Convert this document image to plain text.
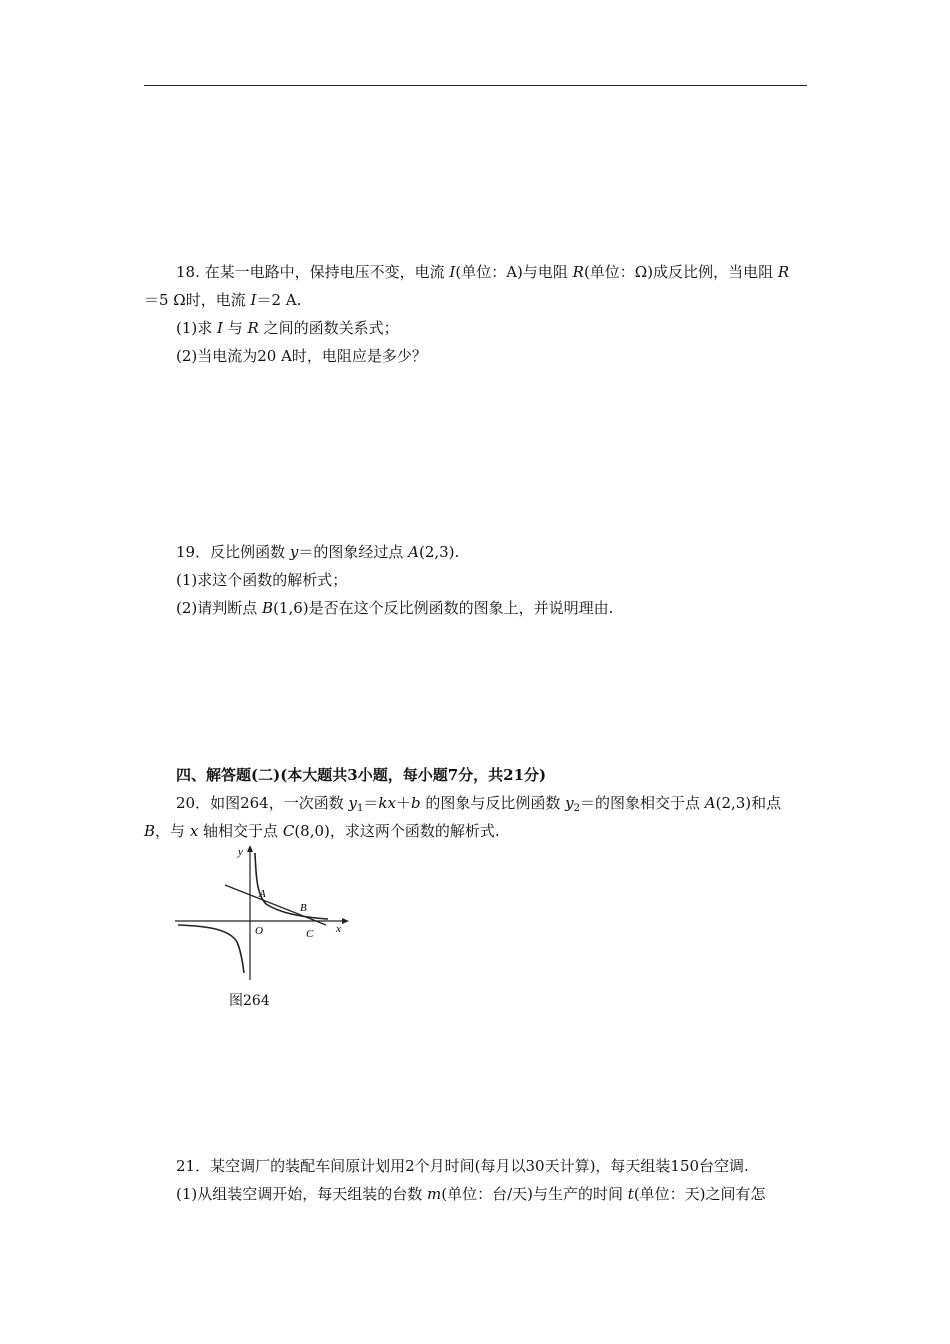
18. 在某一电路中，保持电压不变，电流 I(单位：A)与电阻 R(单位：Ω)成反比例，当电阻 R
＝5 Ω时，电流 I＝2 A.
(1)求 I 与 R 之间的函数关系式；
(2)当电流为20 A时，电阻应是多少？
19．反比例函数 y＝的图象经过点 A(2,3).
(1)求这个函数的解析式；
(2)请判断点 B(1,6)是否在这个反比例函数的图象上，并说明理由.
四、解答题(二)(本大题共3小题，每小题7分，共21分)
20．如图264，一次函数 $y_1=kx+b$ 的图象与反比例函数 $y_2=$的图象相交于点 A(2,3)和点
B，与 x 轴相交于点 C(8,0)，求这两个函数的解析式.
y
x
O
A
B
C
图264
21．某空调厂的装配车间原计划用2个月时间(每月以30天计算)，每天组装150台空调.
(1)从组装空调开始，每天组装的台数 m(单位：台/天)与生产的时间 t(单位：天)之间有怎
